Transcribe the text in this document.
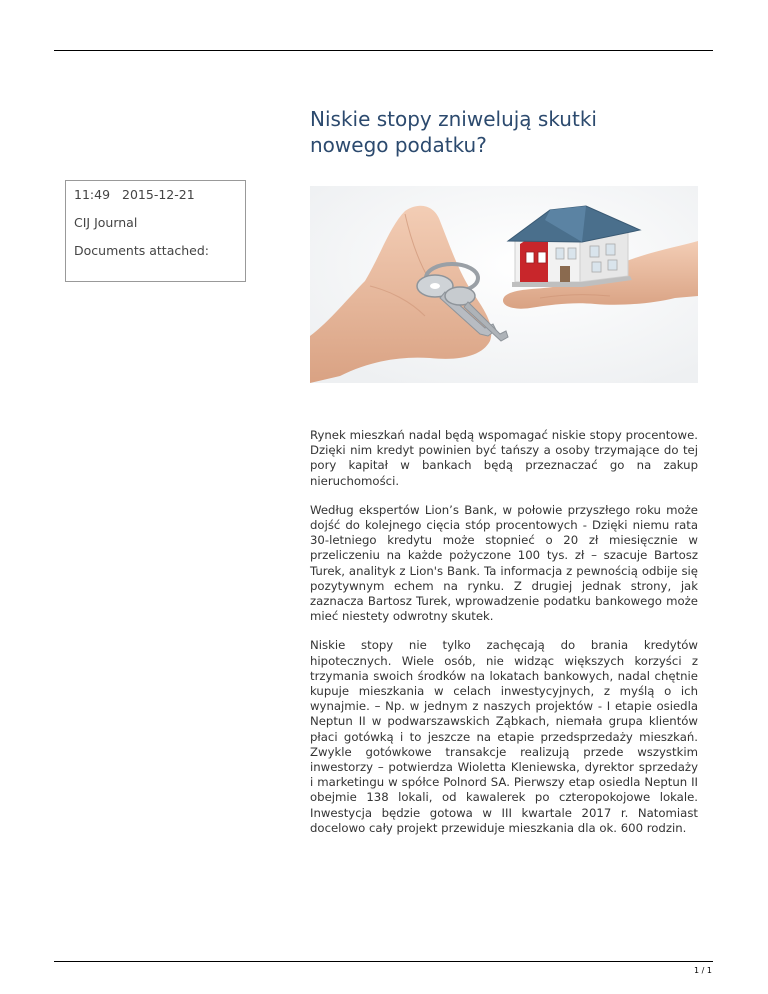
Niskie stopy zniwelują skutki nowego podatku?
11:49 2015-12-21
CIJ Journal
Documents attached:

Rynek mieszkań nadal będą wspomagać niskie stopy procentowe. Dzięki nim kredyt powinien być tańszy a osoby trzymające do tej pory kapitał w bankach będą przeznaczać go na zakup nieruchomości.

Według ekspertów Lion’s Bank, w połowie przyszłego roku może dojść do kolejnego cięcia stóp procentowych - Dzięki niemu rata 30-letniego kredytu może stopnieć o 20 zł miesięcznie w przeliczeniu na każde pożyczone 100 tys. zł – szacuje Bartosz Turek, analityk z Lion's Bank. Ta informacja z pewnością odbije się pozytywnym echem na rynku. Z drugiej jednak strony, jak zaznacza Bartosz Turek, wprowadzenie podatku bankowego może mieć niestety odwrotny skutek.

Niskie stopy nie tylko zachęcają do brania kredytów hipotecznych. Wiele osób, nie widząc większych korzyści z trzymania swoich środków na lokatach bankowych, nadal chętnie kupuje mieszkania w celach inwestycyjnych, z myślą o ich wynajmie. – Np. w jednym z naszych projektów - I etapie osiedla Neptun II w podwarszawskich Ząbkach, niemała grupa klientów płaci gotówką i to jeszcze na etapie przedsprzedaży mieszkań. Zwykle gotówkowe transakcje realizują przede wszystkim inwestorzy – potwierdza Wioletta Kleniewska, dyrektor sprzedaży i marketingu w spółce Polnord SA. Pierwszy etap osiedla Neptun II obejmie 138 lokali, od kawalerek po czteropokojowe lokale. Inwestycja będzie gotowa w III kwartale 2017 r. Natomiast docelowo cały projekt przewiduje mieszkania dla ok. 600 rodzin.

1 / 1
